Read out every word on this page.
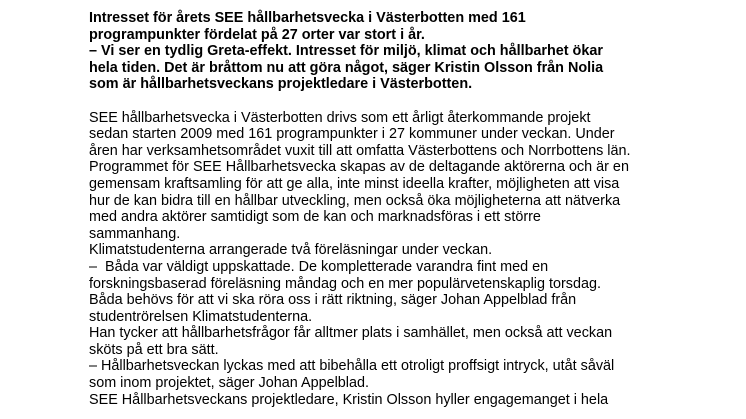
Intresset för årets SEE hållbarhetsvecka i Västerbotten med 161
programpunkter fördelat på 27 orter var stort i år.
– Vi ser en tydlig Greta-effekt. Intresset för miljö, klimat och hållbarhet ökar
hela tiden. Det är bråttom nu att göra något, säger Kristin Olsson från Nolia
som är hållbarhetsveckans projektledare i Västerbotten.
SEE hållbarhetsvecka i Västerbotten drivs som ett årligt återkommande projekt
sedan starten 2009 med 161 programpunkter i 27 kommuner under veckan. Under
åren har verksamhetsområdet vuxit till att omfatta Västerbottens och Norrbottens län.
Programmet för SEE Hållbarhetsvecka skapas av de deltagande aktörerna och är en
gemensam kraftsamling för att ge alla, inte minst ideella krafter, möjligheten att visa
hur de kan bidra till en hållbar utveckling, men också öka möjligheterna att nätverka
med andra aktörer samtidigt som de kan och marknadsföras i ett större
sammanhang.
Klimatstudenterna arrangerade två föreläsningar under veckan.
–  Båda var väldigt uppskattade. De kompletterade varandra fint med en
forskningsbaserad föreläsning måndag och en mer populärvetenskaplig torsdag.
Båda behövs för att vi ska röra oss i rätt riktning, säger Johan Appelblad från
studentrörelsen Klimatstudenterna.
Han tycker att hållbarhetsfrågor får alltmer plats i samhället, men också att veckan
sköts på ett bra sätt.
– Hållbarhetsveckan lyckas med att bibehålla ett otroligt proffsigt intryck, utåt såväl
som inom projektet, säger Johan Appelblad.
SEE Hållbarhetsveckans projektledare, Kristin Olsson hyller engagemanget i hela
